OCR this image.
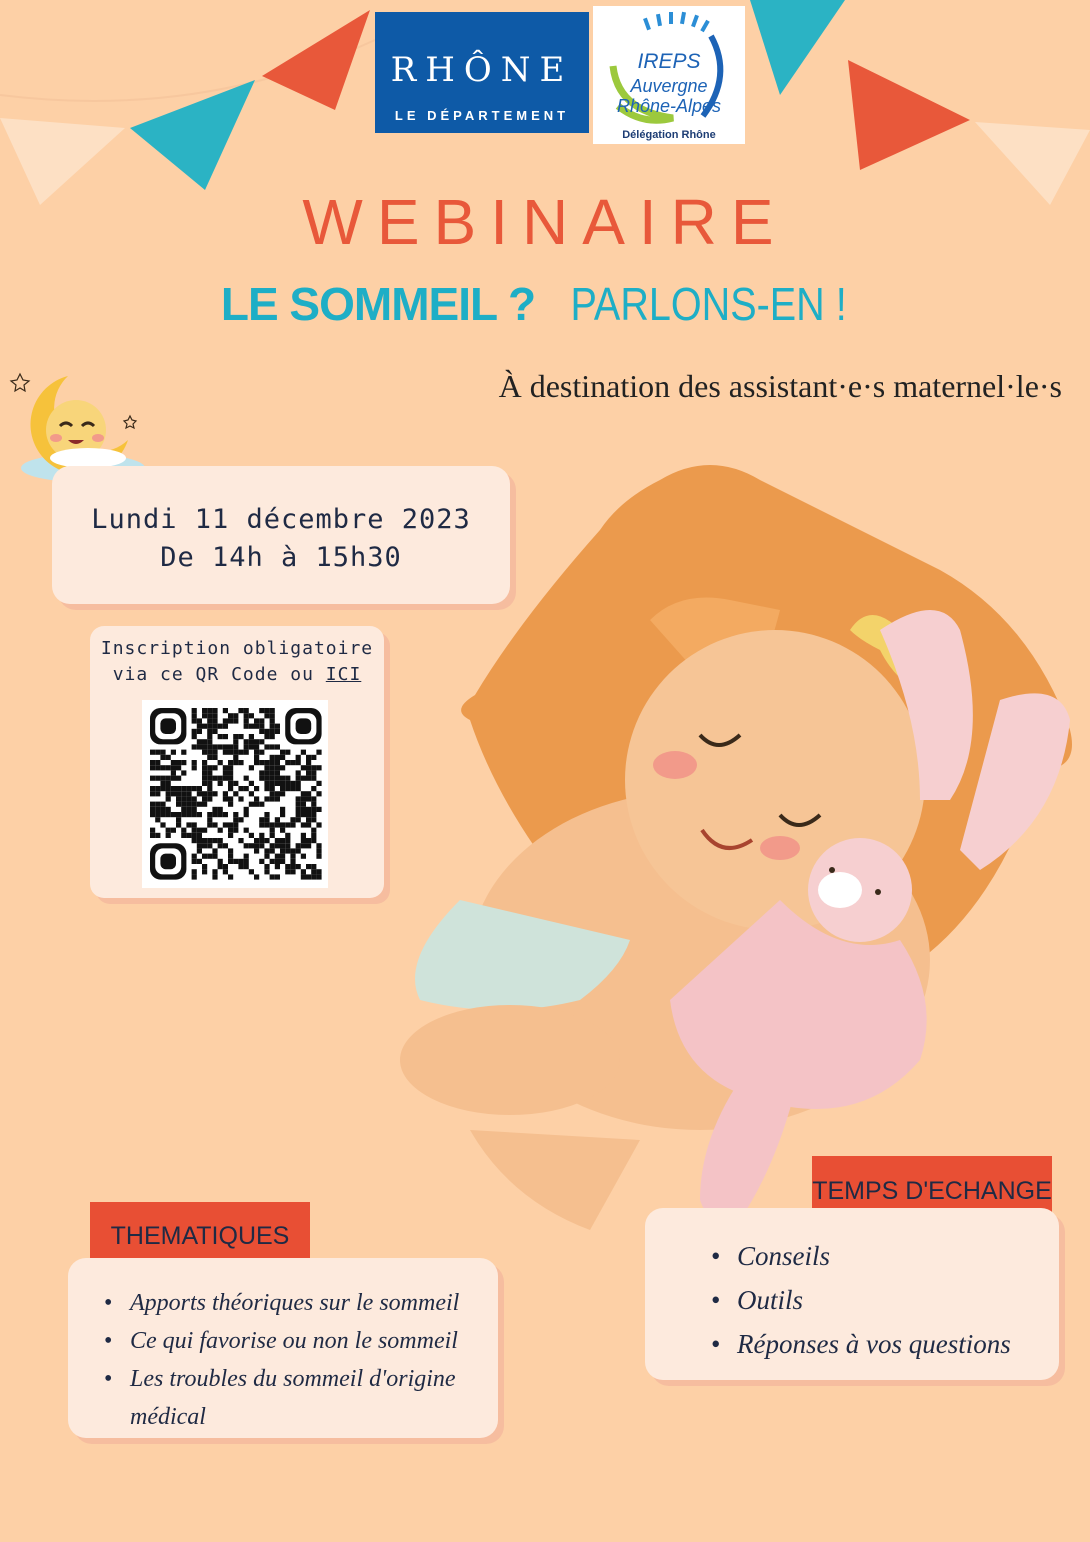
RHÔNE
LE DÉPARTEMENT
IREPS
Auvergne
Rhône-Alpes
Délégation Rhône
WEBINAIRE
LE SOMMEIL ? PARLONS-EN !
À destination des assistant·e·s maternel·le·s
Lundi 11 décembre 2023
De 14h à 15h30
Inscription obligatoire
via ce QR Code ou ICI
THEMATIQUES
• Apports théoriques sur le sommeil
• Ce qui favorise ou non le sommeil
• Les troubles du sommeil d'origine médical
TEMPS D'ECHANGE
• Conseils
• Outils
• Réponses à vos questions
